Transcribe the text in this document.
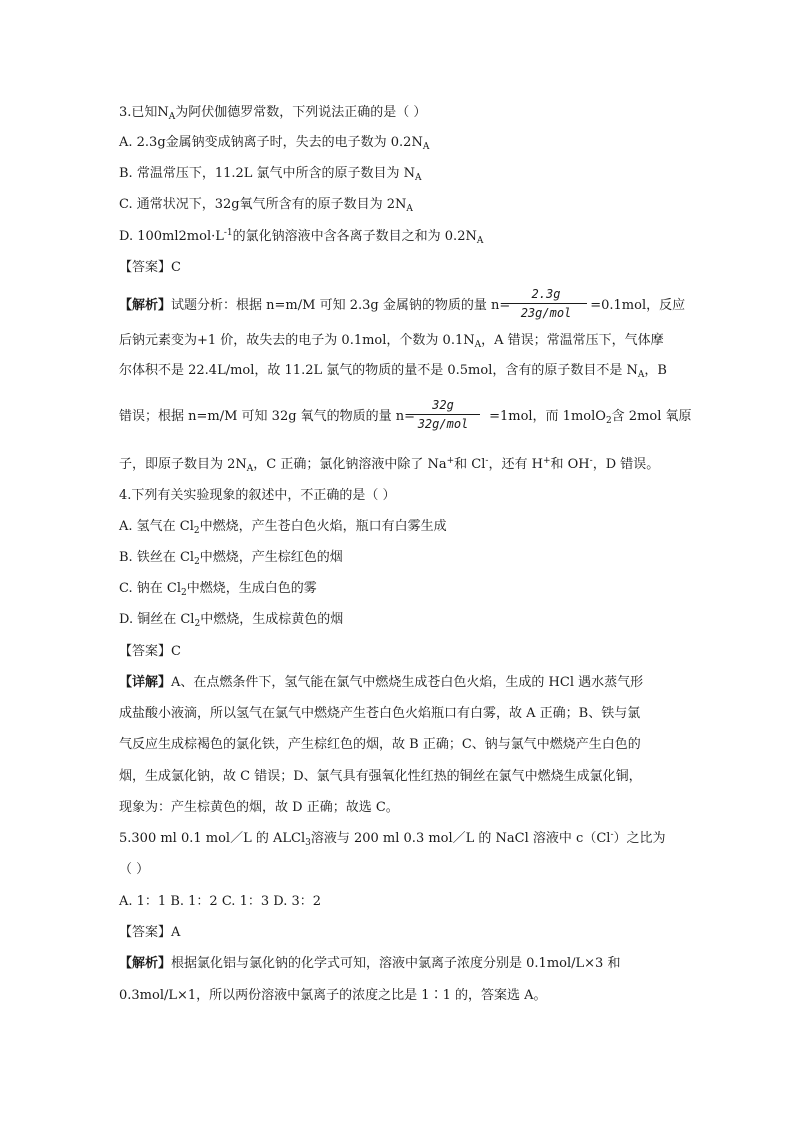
3.已知$N_A$为阿伏伽德罗常数，下列说法正确的是（ ）
A. 2.3g金属钠变成钠离子时，失去的电子数为 $0.2N_A$
B. 常温常压下，11.2L 氯气中所含的原子数目为 $N_A$
C. 通常状况下，32g氧气所含有的原子数目为 $2N_A$
D. $100ml2mol\cdot L^{-1}$的氯化钠溶液中含各离子数目之和为 $0.2N_A$
【答案】C
【解析】试题分析：根据 n=m/M 可知 2.3g 金属钠的物质的量 n=	=0.1mol，反应
2.3g
23g/mol
后钠元素变为+1 价，故失去的电子为 0.1mol，个数为 $0.1N_A$，A 错误；常温常压下，气体摩
尔体积不是 22.4L/mol，故 11.2L 氯气的物质的量不是 0.5mol，含有的原子数目不是 $N_A$，B
错误；根据 n=m/M 可知 32g 氧气的物质的量 n=	=1mol，而 1molO$_2$含 2mol 氧原
32g
32g/mol
子，即原子数目为 $2N_A$，C 正确；氯化钠溶液中除了 Na+和 Cl-，还有 H+和 OH-，D 错误。
4.下列有关实验现象的叙述中，不正确的是（ ）
A. 氢气在 $Cl_2$中燃烧，产生苍白色火焰，瓶口有白雾生成
B. 铁丝在 $Cl_2$中燃烧，产生棕红色的烟
C. 钠在 $Cl_2$中燃烧，生成白色的雾
D. 铜丝在 $Cl_2$中燃烧，生成棕黄色的烟
【答案】C
【详解】A、在点燃条件下，氢气能在氯气中燃烧生成苍白色火焰，生成的 HCl 遇水蒸气形
成盐酸小液滴，所以氢气在氯气中燃烧产生苍白色火焰瓶口有白雾，故 A 正确；B、铁与氯
气反应生成棕褐色的氯化铁，产生棕红色的烟，故 B 正确；C、钠与氯气中燃烧产生白色的
烟，生成氯化钠，故 C 错误；D、氯气具有强氧化性红热的铜丝在氯气中燃烧生成氯化铜，
现象为：产生棕黄色的烟，故 D 正确；故选 C。
5.300 ml 0.1 mol／L 的 ALCl$_3$溶液与 200 ml 0.3 mol／L 的 NaCl 溶液中 c（Cl-）之比为
（ ）
A. 1：1 B. 1：2 C. 1：3 D. 3：2
【答案】A
【解析】根据氯化铝与氯化钠的化学式可知，溶液中氯离子浓度分别是 0.1mol/L×3 和
0.3mol/L×1，所以两份溶液中氯离子的浓度之比是 1∶1 的，答案选 A。
